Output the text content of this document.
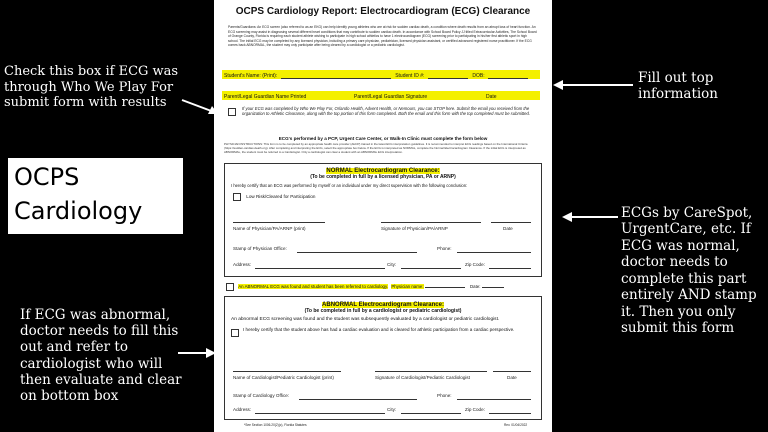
Check this box if ECG was through Who We Play For submit form with results
OCPS Cardiology
Report Form
If ECG was abnormal, doctor needs to fill this out and refer to cardiologist who will then evaluate and clear on bottom box
Fill out top information
ECGs by CareSpot, UrgentCare, etc. If ECG was normal, doctor needs to complete this part entirely AND stamp it. Then you only submit this form
OCPS Cardiology Report: Electrocardiogram (ECG) Clearance
Parents/Guardians: An ECG screen (also referred to as an EKG) can help identify young athletes who are at risk for sudden cardiac death, a condition where death results from an abrupt loss of heart function. An ECG screening may assist in diagnosing several different heart conditions that may contribute to sudden cardiac death. In accordance with School Board Policy JJ titled Extracurricular Activities, The School Board of Orange County, Florida is requiring each student athlete wishing to participate in high school athletics to have 1 electrocardiogram (ECG) screening prior to participating in his/her first athletic sport in high school. The initial ECG may be completed by any licensed physician, including a primary care physician, pediatrician, licensed physician assistant, or certified advanced registered nurse practitioner. If the ECG comes back ABNORMAL, the student may only participate after being cleared by a cardiologist or a pediatric cardiologist.
Student's Name: (Print):	Student ID #:	DOB:
Parent/Legal Guardian Name Printed	Parent/Legal Guardian Signature	Date
If your ECG was completed by Who We Play For, Orlando Health, Advent Health, or Nemours, you can STOP here. Submit the email you received from the organization to Athletic Clearance, along with the top portion of this form completed. Both the email and this form with the top completed must be submitted.
ECG's performed by a PCP, Urgent Care Center, or Walk-In Clinic must complete the form below
PHYSICIAN INSTRUCTIONS: This form is to be completed by an appropriate health care provider (AHCP) trained in the latest ECG interpretation guidelines. It is recommended to interpret ECG readings based on the International Criteria (https://sudden-cardiac-death.org). After completing and interpreting the ECG, select the appropriate box below. If the ECG is interpreted as NORMAL, complete the Normal Electrocardiogram Clearance. If the initial ECG is interpreted as ABNORMAL, the student must be referred to a Cardiologist. Only a cardiologist can clear a student with an ABNORMAL ECG interpretation.
NORMAL Electrocardiogram Clearance:
(To be completed in full by a licensed physician, PA or ARNP)
I hereby certify that an ECG was performed by myself or an individual under my direct supervision with the following conclusion:
Low Risk/Cleared for Participation
Name of Physician/PA/ARNP (print)	Signature of Physician/PA/ARNP	Date
Stamp of Physician Office:	Phone:
Address:	City:	Zip Code:
An ABNORMAL ECG was found and student has been referred to cardiology. Physician name:	Date:
ABNORMAL Electrocardiogram Clearance:
(To be completed in full by a cardiologist or pediatric cardiologist)
An abnormal ECG screening was found and the student was subsequently evaluated by a cardiologist or pediatric cardiologist.
I hereby certify that the student above has had a cardiac evaluation and is cleared for athletic participation from a cardiac perspective.
Name of Cardiologist/Pediatric Cardiologist (print)	Signature of Cardiologist/Pediatric Cardiologist	Date
Stamp of Cardiology Office:	Phone:
Address:	City:	Zip Code:
*See Section 1006.20(2)(c), Florida Statutes	Rev. 01/04/2022
